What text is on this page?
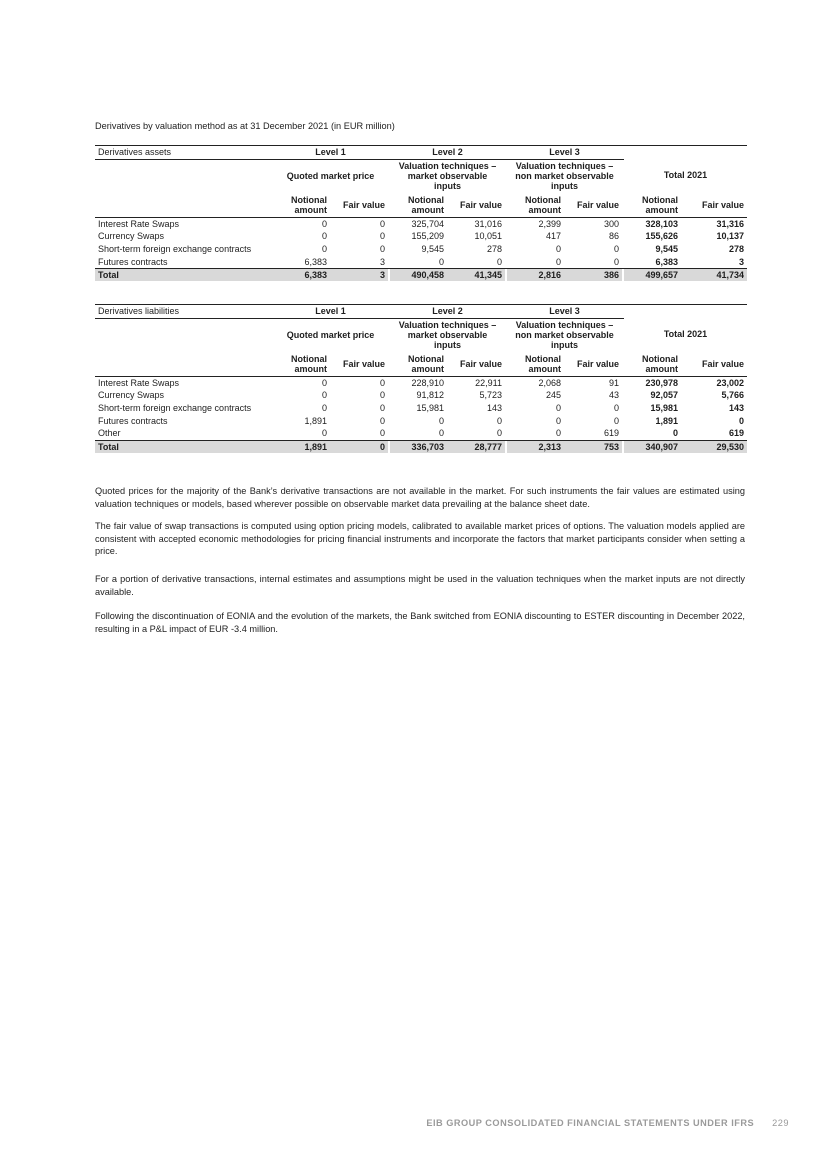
Derivatives by valuation method as at 31 December 2021 (in EUR million)
Derivatives assets	Level 1			Level 2			Level 3				
	Quoted market price			Valuation techniques – market observable inputs			Valuation techniques – non market observable inputs			Total 2021	
	Notional amount	Fair value		Notional amount	Fair value		Notional amount	Fair value		Notional amount	Fair value
Interest Rate Swaps	0	0		325,704	31,016		2,399	300		328,103	31,316
Currency Swaps	0	0		155,209	10,051		417	86		155,626	10,137
Short-term foreign exchange contracts	0	0		9,545	278		0	0		9,545	278
Futures contracts	6,383	3		0	0		0	0		6,383	3
Total	6,383	3		490,458	41,345		2,816	386		499,657	41,734
Derivatives liabilities	Level 1			Level 2			Level 3				
	Quoted market price			Valuation techniques – market observable inputs			Valuation techniques – non market observable inputs			Total 2021	
	Notional amount	Fair value		Notional amount	Fair value		Notional amount	Fair value		Notional amount	Fair value
Interest Rate Swaps	0	0		228,910	22,911		2,068	91		230,978	23,002
Currency Swaps	0	0		91,812	5,723		245	43		92,057	5,766
Short-term foreign exchange contracts	0	0		15,981	143		0	0		15,981	143
Futures contracts	1,891	0		0	0		0	0		1,891	0
Other	0	0		0	0		0	619		0	619
Total	1,891	0		336,703	28,777		2,313	753		340,907	29,530

Quoted prices for the majority of the Bank’s derivative transactions are not available in the market. For such instruments the fair values are estimated using valuation techniques or models, based wherever possible on observable market data prevailing at the balance sheet date.

The fair value of swap transactions is computed using option pricing models, calibrated to available market prices of options. The valuation models applied are consistent with accepted economic methodologies for pricing financial instruments and incorporate the factors that market participants consider when setting a price.

For a portion of derivative transactions, internal estimates and assumptions might be used in the valuation techniques when the market inputs are not directly available.

Following the discontinuation of EONIA and the evolution of the markets, the Bank switched from EONIA discounting to ESTER discounting in December 2022, resulting in a P&L impact of EUR -3.4 million.

EIB GROUP CONSOLIDATED FINANCIAL STATEMENTS UNDER IFRS 229
